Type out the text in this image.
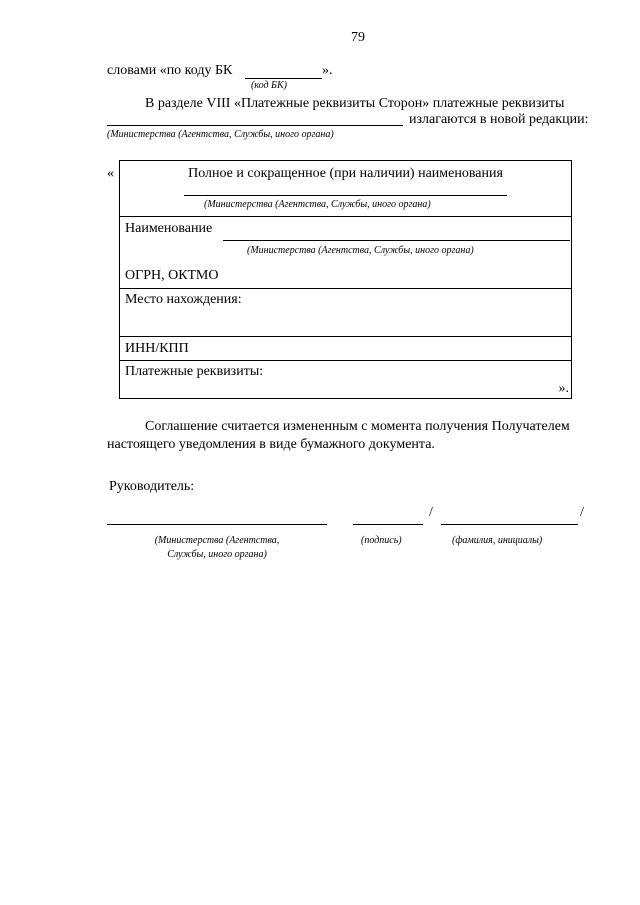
79
словами «по коду БК	».
(код БК)
В разделе VIII «Платежные реквизиты Сторон» платежные реквизиты
излагаются в новой редакции:
(Министерства (Агентства, Службы, иного органа)
«	Полное и сокращенное (при наличии) наименования
(Министерства (Агентства, Службы, иного органа)
Наименование
(Министерства (Агентства, Службы, иного органа)
ОГРН, ОКТМО
Место нахождения:
ИНН/КПП
Платежные реквизиты:
».
Соглашение считается измененным с момента получения Получателем
настоящего уведомления в виде бумажного документа.
Руководитель:
/	/
(Министерства (Агентства,
Службы, иного органа)
(подпись)	(фамилия, инициалы)
